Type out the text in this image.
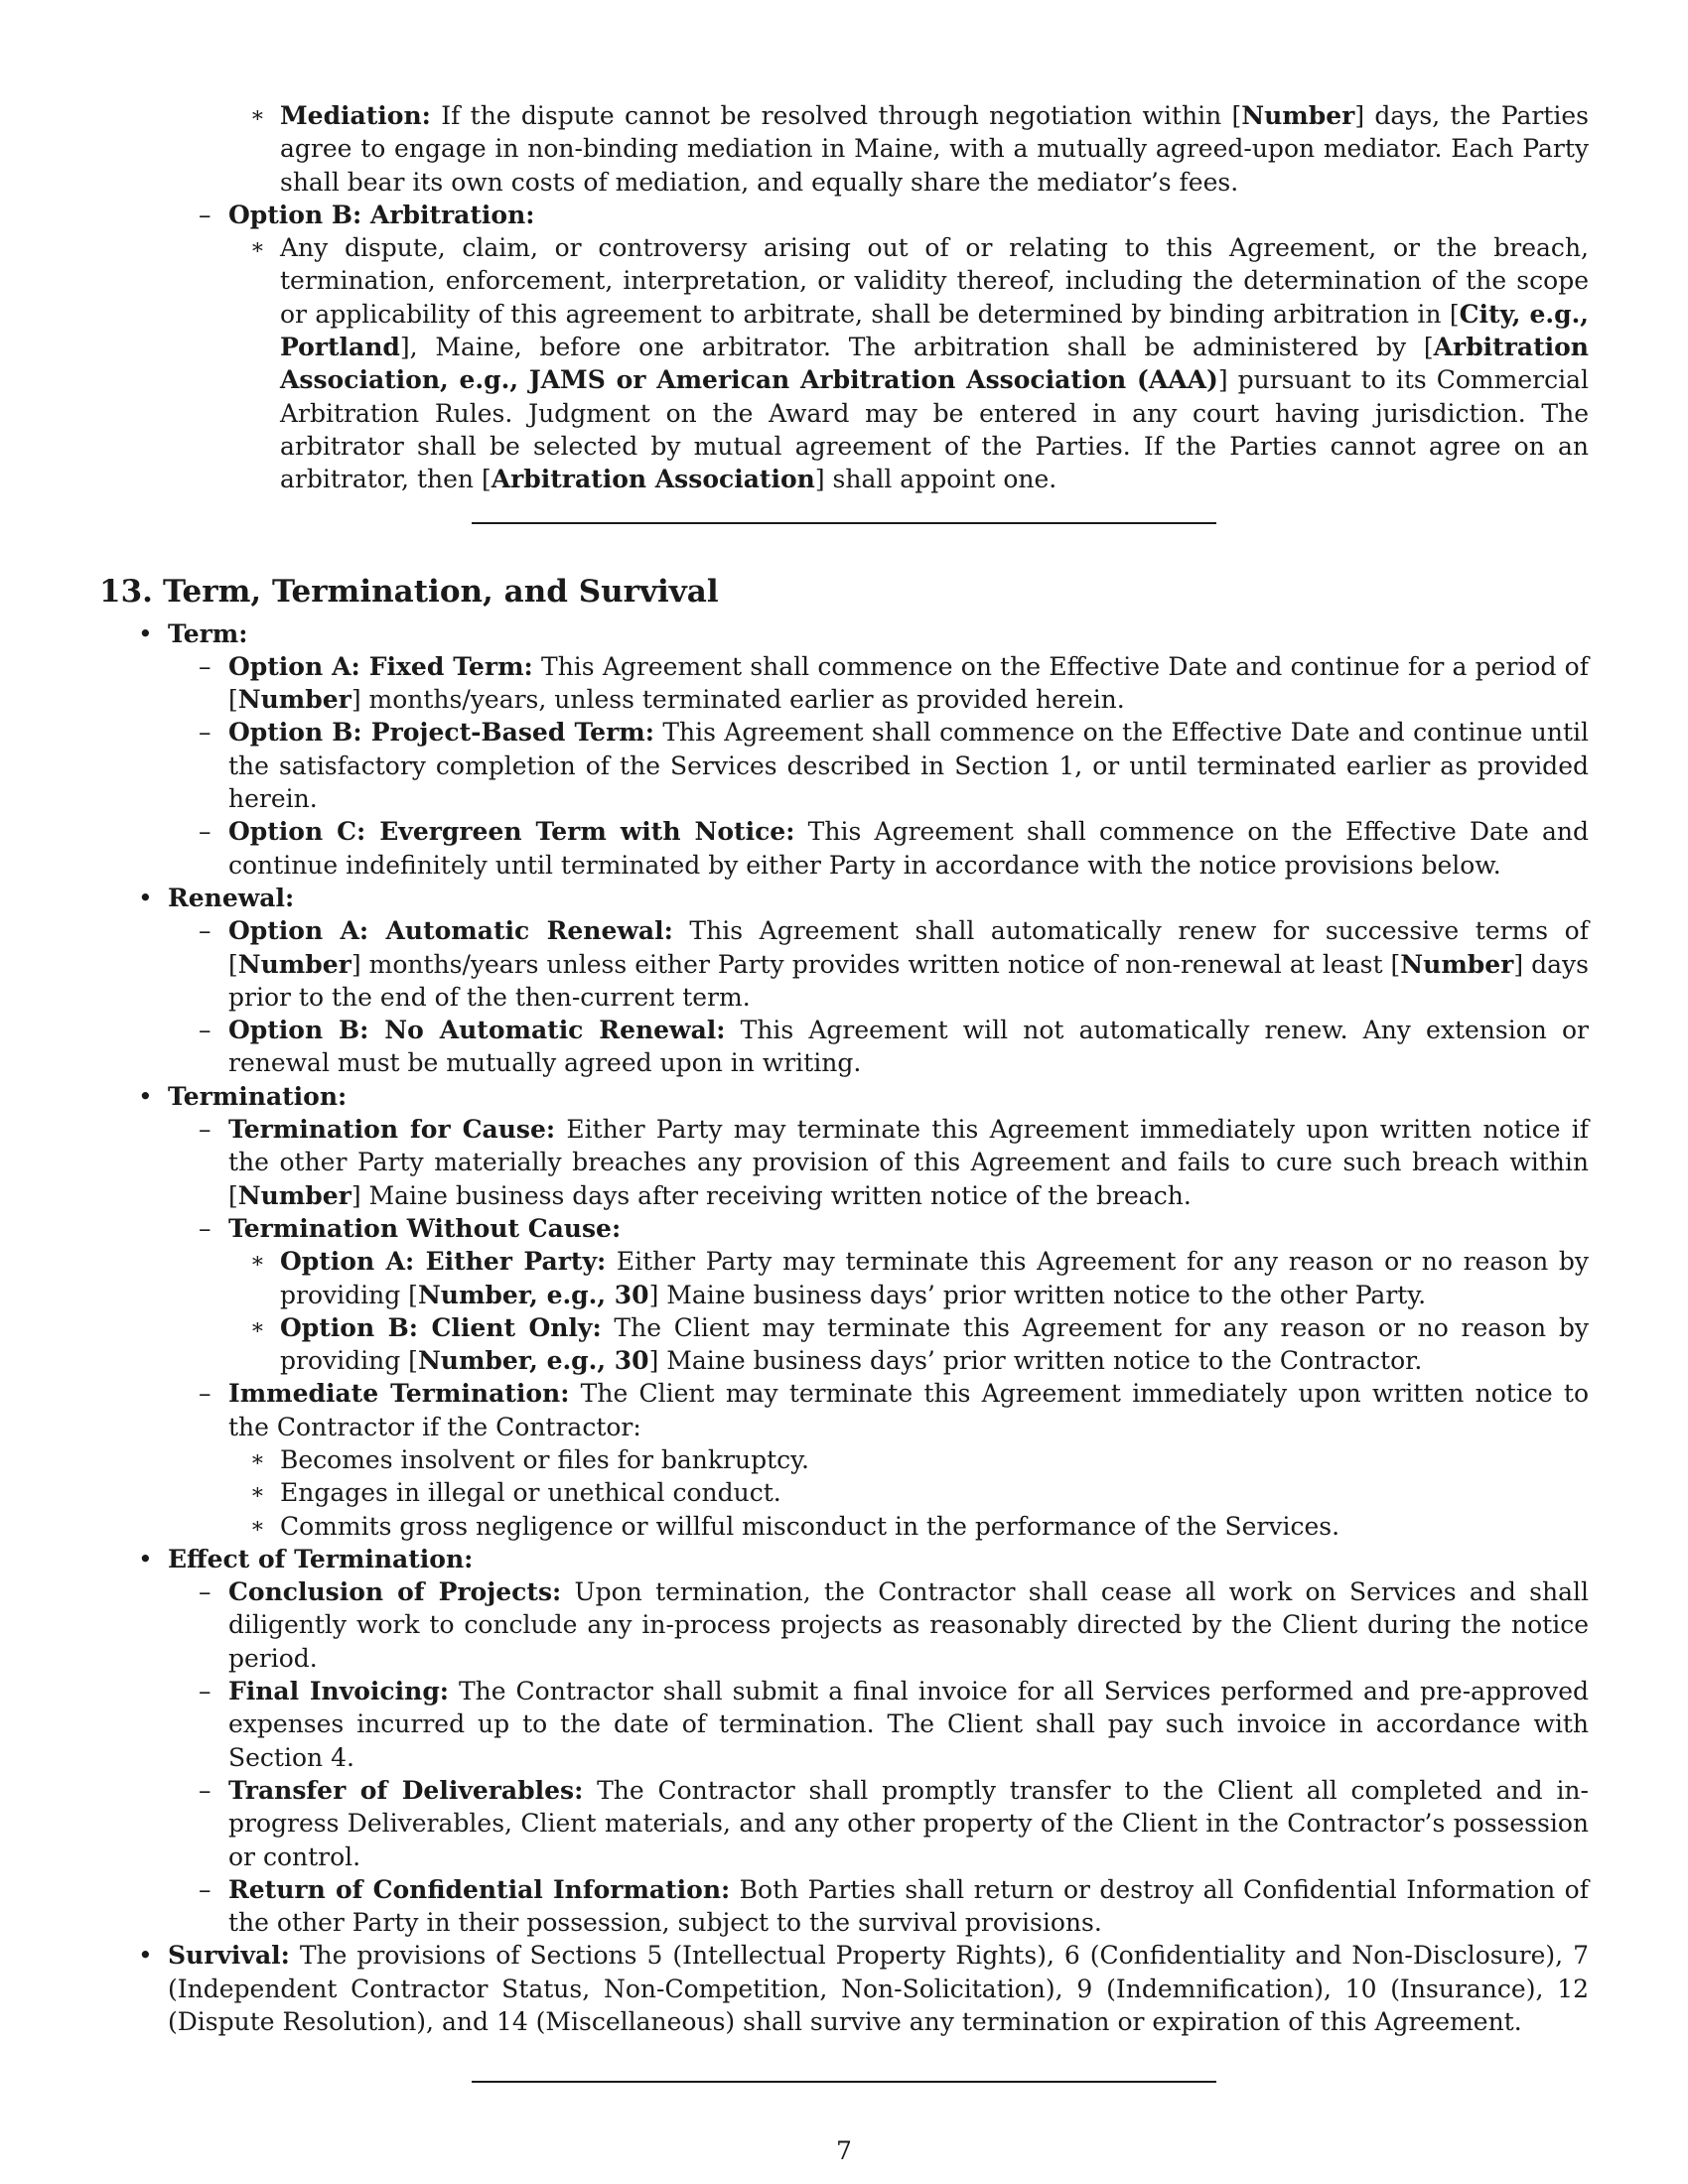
∗ Mediation: If the dispute cannot be resolved through negotiation within [Number] days, the Parties agree to engage in non-binding mediation in Maine, with a mutually agreed-upon mediator. Each Party shall bear its own costs of mediation, and equally share the mediator’s fees.
– Option B: Arbitration:
∗ Any dispute, claim, or controversy arising out of or relating to this Agreement, or the breach, termination, enforcement, interpretation, or validity thereof, including the determination of the scope or applicability of this agreement to arbitrate, shall be determined by binding arbitration in [City, e.g., Portland], Maine, before one arbitrator. The arbitration shall be administered by [Arbitration Association, e.g., JAMS or American Arbitration Association (AAA)] pursuant to its Commercial Arbitration Rules. Judgment on the Award may be entered in any court having jurisdiction. The arbitrator shall be selected by mutual agreement of the Parties. If the Parties cannot agree on an arbitrator, then [Arbitration Association] shall appoint one.
13. Term, Termination, and Survival
• Term:
– Option A: Fixed Term: This Agreement shall commence on the Effective Date and continue for a period of [Number] months/years, unless terminated earlier as provided herein.
– Option B: Project-Based Term: This Agreement shall commence on the Effective Date and continue until the satisfactory completion of the Services described in Section 1, or until terminated earlier as provided herein.
– Option C: Evergreen Term with Notice: This Agreement shall commence on the Effective Date and continue indefinitely until terminated by either Party in accordance with the notice provisions below.
• Renewal:
– Option A: Automatic Renewal: This Agreement shall automatically renew for successive terms of [Number] months/years unless either Party provides written notice of non-renewal at least [Number] days prior to the end of the then-current term.
– Option B: No Automatic Renewal: This Agreement will not automatically renew. Any extension or renewal must be mutually agreed upon in writing.
• Termination:
– Termination for Cause: Either Party may terminate this Agreement immediately upon written notice if the other Party materially breaches any provision of this Agreement and fails to cure such breach within [Number] Maine business days after receiving written notice of the breach.
– Termination Without Cause:
∗ Option A: Either Party: Either Party may terminate this Agreement for any reason or no reason by providing [Number, e.g., 30] Maine business days’ prior written notice to the other Party.
∗ Option B: Client Only: The Client may terminate this Agreement for any reason or no reason by providing [Number, e.g., 30] Maine business days’ prior written notice to the Contractor.
– Immediate Termination: The Client may terminate this Agreement immediately upon written notice to the Contractor if the Contractor:
∗ Becomes insolvent or files for bankruptcy.
∗ Engages in illegal or unethical conduct.
∗ Commits gross negligence or willful misconduct in the performance of the Services.
• Effect of Termination:
– Conclusion of Projects: Upon termination, the Contractor shall cease all work on Services and shall diligently work to conclude any in-process projects as reasonably directed by the Client during the notice period.
– Final Invoicing: The Contractor shall submit a final invoice for all Services performed and pre-approved expenses incurred up to the date of termination. The Client shall pay such invoice in accordance with Section 4.
– Transfer of Deliverables: The Contractor shall promptly transfer to the Client all completed and in-progress Deliverables, Client materials, and any other property of the Client in the Contractor’s possession or control.
– Return of Confidential Information: Both Parties shall return or destroy all Confidential Information of the other Party in their possession, subject to the survival provisions.
• Survival: The provisions of Sections 5 (Intellectual Property Rights), 6 (Confidentiality and Non-Disclosure), 7 (Independent Contractor Status, Non-Competition, Non-Solicitation), 9 (Indemnification), 10 (Insurance), 12 (Dispute Resolution), and 14 (Miscellaneous) shall survive any termination or expiration of this Agreement.
7
